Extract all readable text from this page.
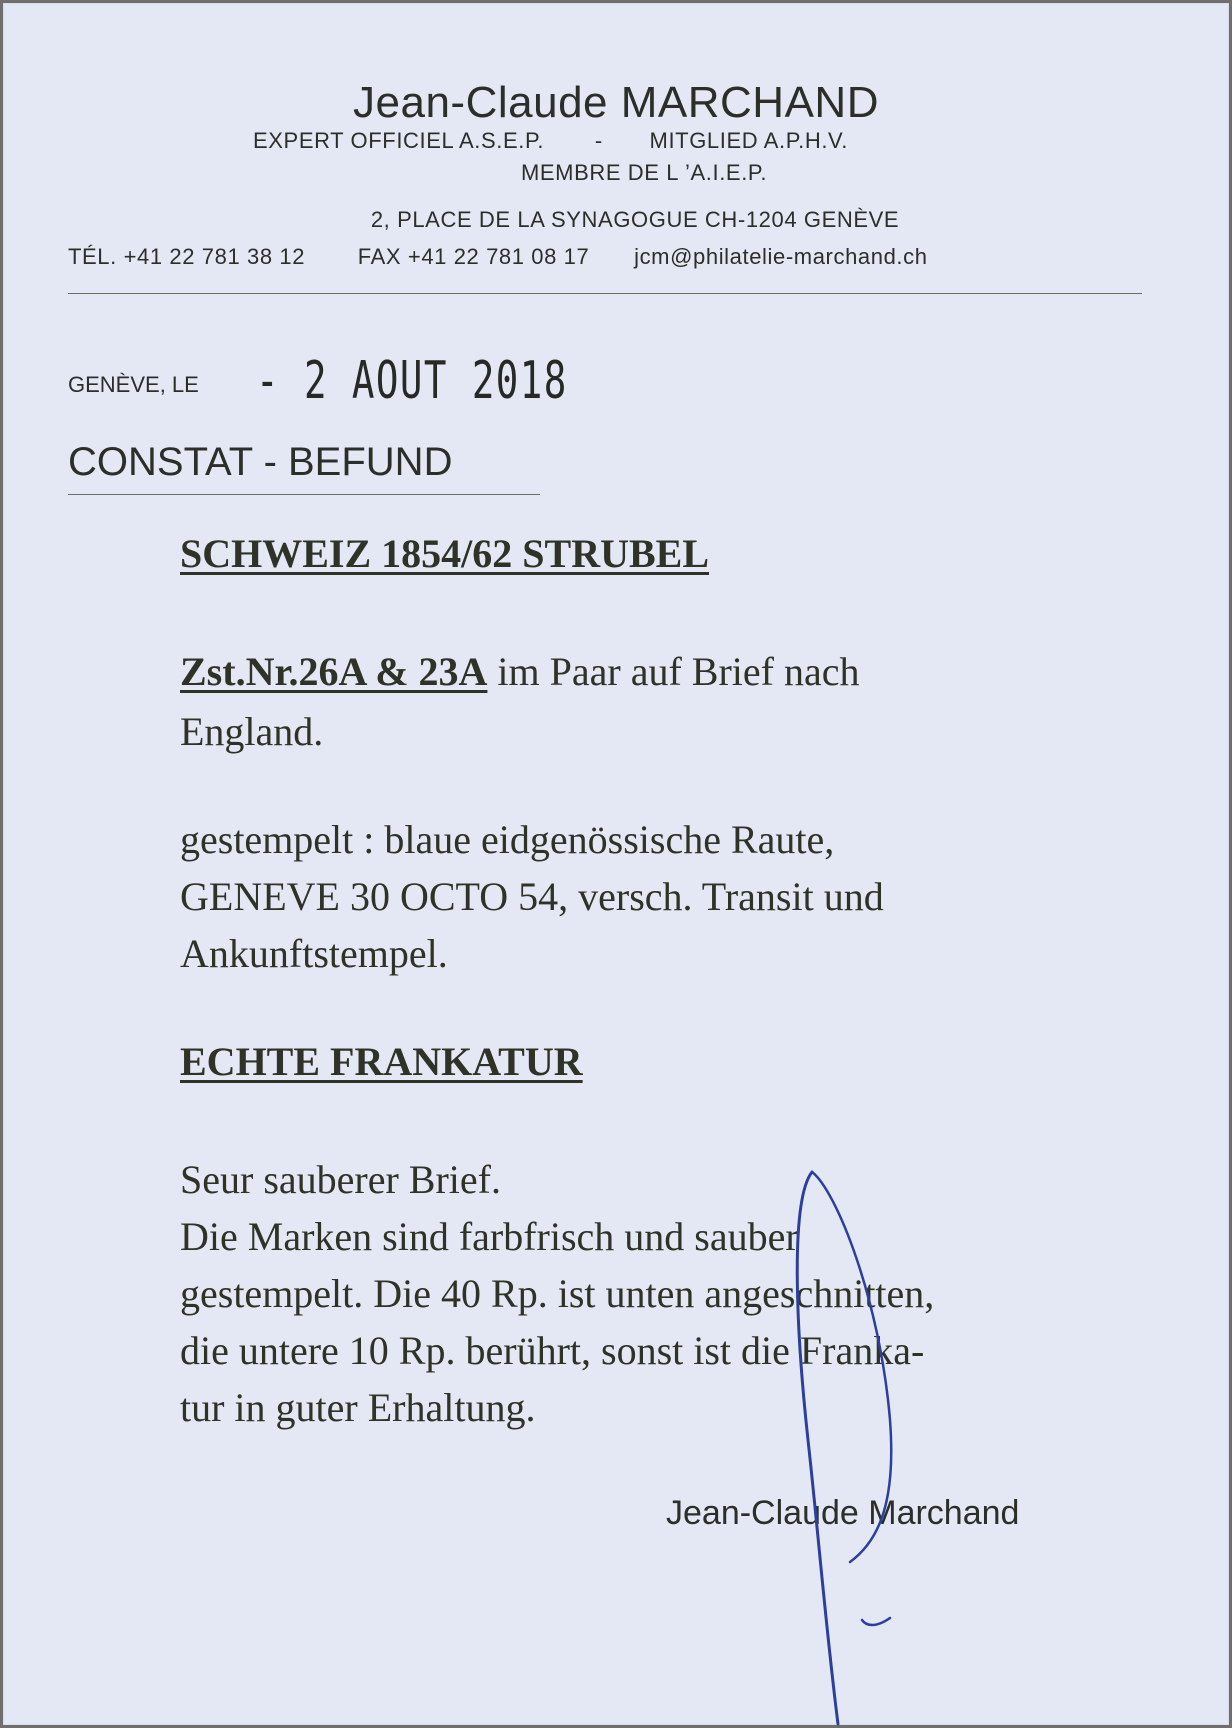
Jean-Claude MARCHAND
EXPERT OFFICIEL A.S.E.P. - MITGLIED A.P.H.V.
MEMBRE DE L ’A.I.E.P.
2, PLACE DE LA SYNAGOGUE CH-1204 GENÈVE
TÉL. +41 22 781 38 12 FAX +41 22 781 08 17 jcm@philatelie-marchand.ch
GENÈVE, LE - 2 AOUT 2018
CONSTAT - BEFUND
SCHWEIZ 1854/62 STRUBEL
Zst.Nr.26A & 23A im Paar auf Brief nach
England.
gestempelt : blaue eidgenössische Raute,
GENEVE 30 OCTO 54, versch. Transit und
Ankunftstempel.
ECHTE FRANKATUR
Seur sauberer Brief.
Die Marken sind farbfrisch und sauber
gestempelt. Die 40 Rp. ist unten angeschnitten,
die untere 10 Rp. berührt, sonst ist die Franka-
tur in guter Erhaltung.
Jean-Claude Marchand
